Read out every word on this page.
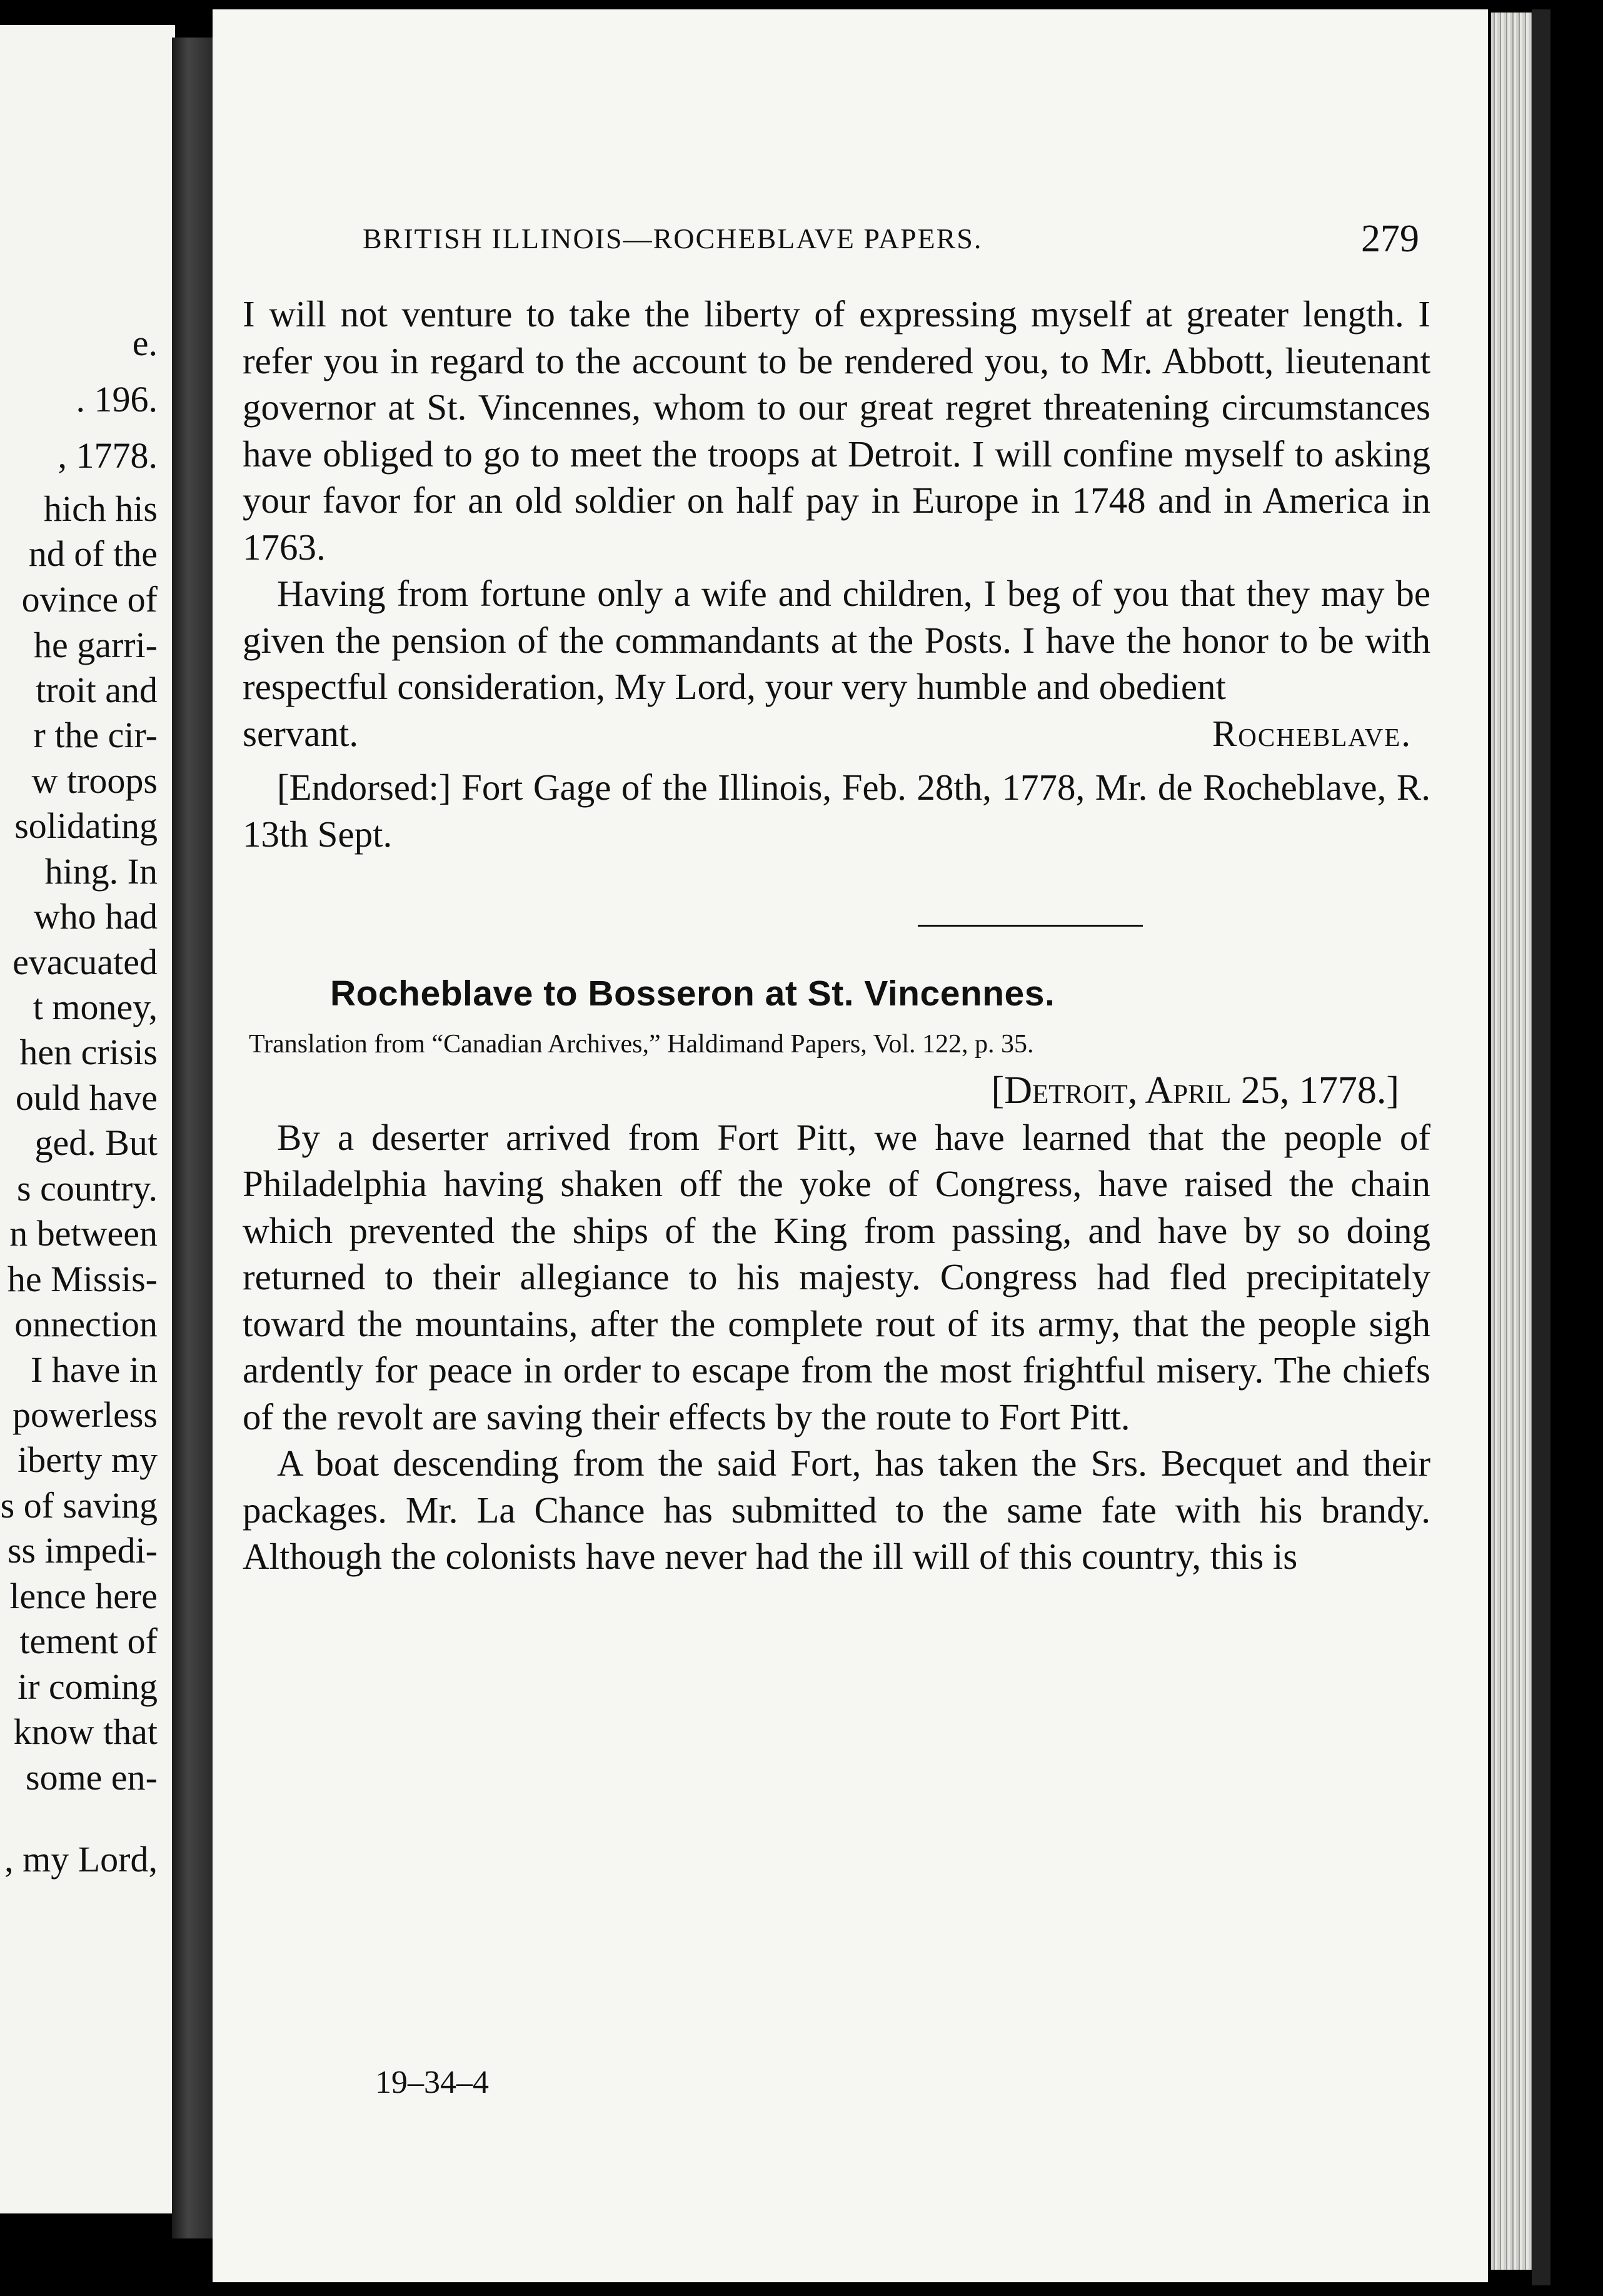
e.
. 196.
, 1778.
hich his
nd of the
ovince of
he garri-
troit and
r the cir-
w troops
solidating
hing. In
who had
evacuated
t money,
hen crisis
ould have
ged. But
s country.
n between
he Missis-
onnection
I have in
powerless
iberty my
s of saving
ss impedi-
lence here
tement of
ir coming
know that
some en-
, my Lord,
BRITISH ILLINOIS—ROCHEBLAVE PAPERS.	279

I will not venture to take the liberty of expressing myself at greater length. I refer you in regard to the account to be rendered you, to Mr. Abbott, lieutenant governor at St. Vincennes, whom to our great regret threatening circumstances have obliged to go to meet the troops at Detroit. I will confine myself to asking your favor for an old soldier on half pay in Europe in 1748 and in America in 1763.

Having from fortune only a wife and children, I beg of you that they may be given the pension of the commandants at the Posts. I have the honor to be with respectful consideration, My Lord, your very humble and obedient

servant.	Rocheblave.

[Endorsed:] Fort Gage of the Illinois, Feb. 28th, 1778, Mr. de Rocheblave, R. 13th Sept.

Rocheblave to Bosseron at St. Vincennes.

Translation from “Canadian Archives,” Haldimand Papers, Vol. 122, p. 35.

[Detroit, April 25, 1778.]

By a deserter arrived from Fort Pitt, we have learned that the people of Philadelphia having shaken off the yoke of Congress, have raised the chain which prevented the ships of the King from passing, and have by so doing returned to their allegiance to his majesty. Congress had fled precipitately toward the mountains, after the complete rout of its army, that the people sigh ardently for peace in order to escape from the most frightful misery. The chiefs of the revolt are saving their effects by the route to Fort Pitt.

A boat descending from the said Fort, has taken the Srs. Becquet and their packages. Mr. La Chance has submitted to the same fate with his brandy. Although the colonists have never had the ill will of this country, this is

19–34–4
